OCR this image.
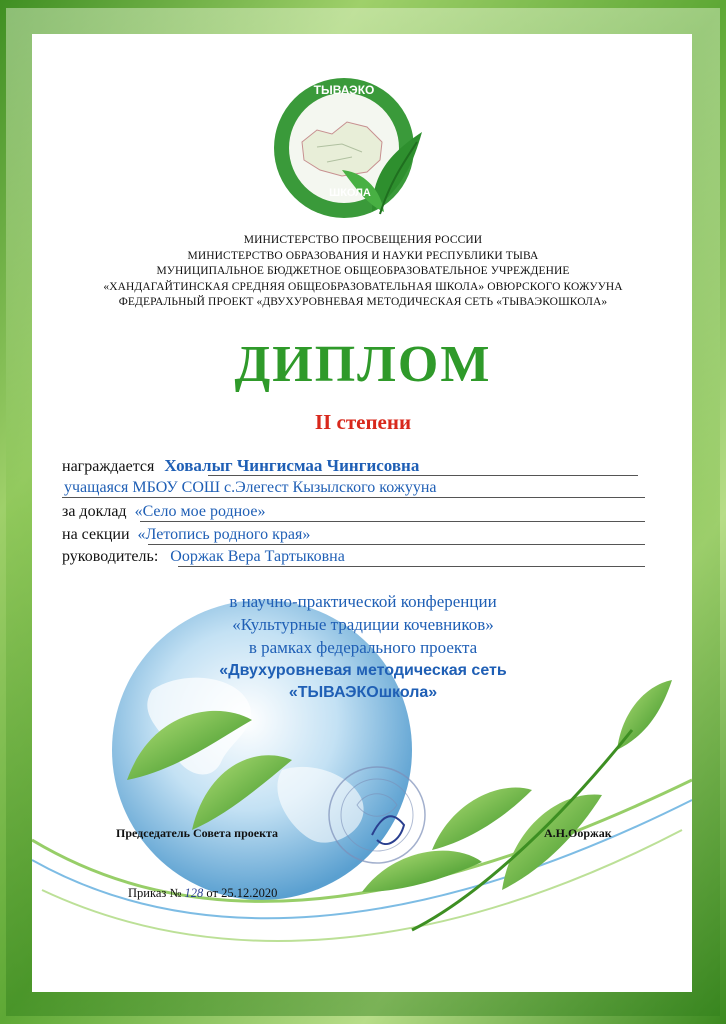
ТЫВАЭКО
ШКОЛА
МИНИСТЕРСТВО ПРОСВЕЩЕНИЯ РОССИИ
МИНИСТЕРСТВО ОБРАЗОВАНИЯ И НАУКИ РЕСПУБЛИКИ ТЫВА
МУНИЦИПАЛЬНОЕ БЮДЖЕТНОЕ ОБЩЕОБРАЗОВАТЕЛЬНОЕ УЧРЕЖДЕНИЕ
«ХАНДАГАЙТИНСКАЯ СРЕДНЯЯ ОБЩЕОБРАЗОВАТЕЛЬНАЯ ШКОЛА» ОВЮРСКОГО КОЖУУНА
ФЕДЕРАЛЬНЫЙ ПРОЕКТ «ДВУХУРОВНЕВАЯ МЕТОДИЧЕСКАЯ СЕТЬ «ТЫВАЭКОШКОЛА»
ДИПЛОМ
II степени
награждается Ховалыг Чингисмаа Чингисовна
учащаяся МБОУ СОШ с.Элегест Кызылского кожууна
за доклад «Село мое родное»
на секции «Летопись родного края»
руководитель: Ооржак Вера Тартыковна
в научно-практической конференции
«Культурные традиции кочевников»
в рамках федерального проекта
«Двухуровневая методическая сеть
«ТЫВАЭКОшкола»
Председатель Совета проекта	А.Н.Ооржак
Приказ № 128 от 25.12.2020
